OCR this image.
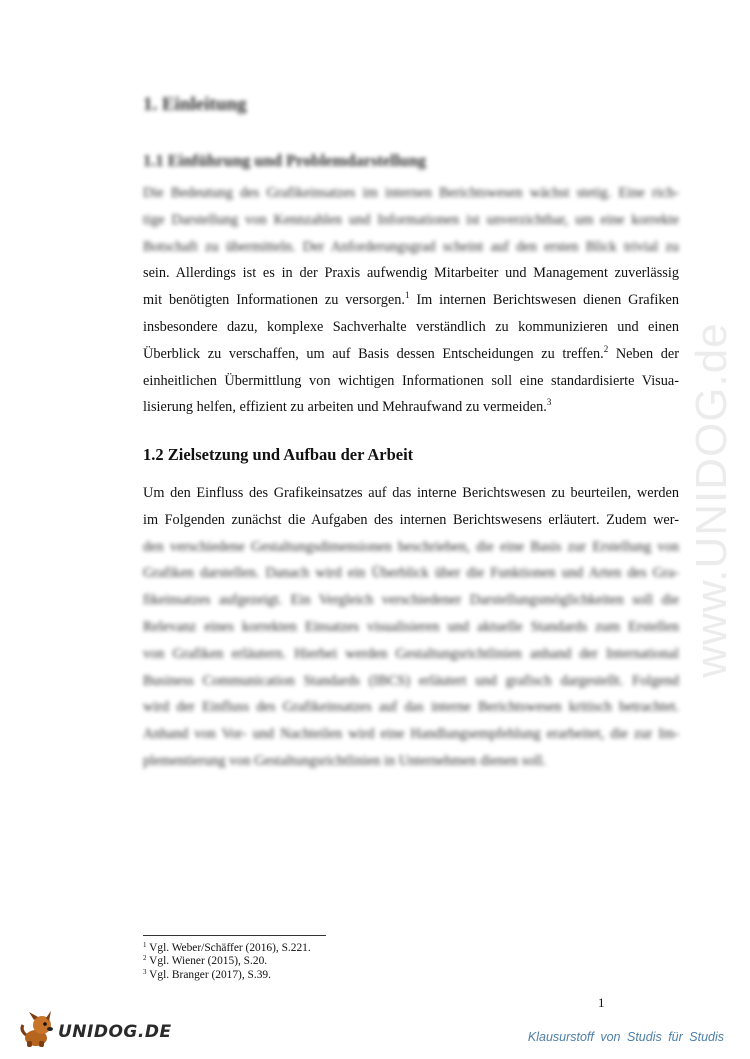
www.UNIDOG.de
1. Einleitung
1.1 Einführung und Problemdarstellung
Die Bedeutung des Grafikeinsatzes im internen Berichtswesen wächst stetig. Eine rich-
tige Darstellung von Kennzahlen und Informationen ist unverzichtbar, um eine korrekte
Botschaft zu übermitteln. Der Anforderungsgrad scheint auf den ersten Blick trivial zu
sein. Allerdings ist es in der Praxis aufwendig Mitarbeiter und Management zuverlässig
mit benötigten Informationen zu versorgen.$^1$ Im internen Berichtswesen dienen Grafiken
insbesondere dazu, komplexe Sachverhalte verständlich zu kommunizieren und einen
Überblick zu verschaffen, um auf Basis dessen Entscheidungen zu treffen.$^2$ Neben der
einheitlichen Übermittlung von wichtigen Informationen soll eine standardisierte Visua-
lisierung helfen, effizient zu arbeiten und Mehraufwand zu vermeiden.$^3$
1.2 Zielsetzung und Aufbau der Arbeit
Um den Einfluss des Grafikeinsatzes auf das interne Berichtswesen zu beurteilen, werden
im Folgenden zunächst die Aufgaben des internen Berichtswesens erläutert. Zudem wer-
den verschiedene Gestaltungsdimensionen beschrieben, die eine Basis zur Erstellung von
Grafiken darstellen. Danach wird ein Überblick über die Funktionen und Arten des Gra-
fikeinsatzes aufgezeigt. Ein Vergleich verschiedener Darstellungsmöglichkeiten soll die
Relevanz eines korrekten Einsatzes visualisieren und aktuelle Standards zum Erstellen
von Grafiken erläutern. Hierbei werden Gestaltungsrichtlinien anhand der International
Business Communication Standards (IBCS) erläutert und grafisch dargestellt. Folgend
wird der Einfluss des Grafikeinsatzes auf das interne Berichtswesen kritisch betrachtet.
Anhand von Vor- und Nachteilen wird eine Handlungsempfehlung erarbeitet, die zur Im-
plementierung von Gestaltungsrichtlinien in Unternehmen dienen soll.
$^1$ Vgl. Weber/Schäffer (2016), S.221.
$^2$ Vgl. Wiener (2015), S.20.
$^3$ Vgl. Branger (2017), S.39.
1
UNIDOG.DE	Klausurstoff von Studis für Studis
